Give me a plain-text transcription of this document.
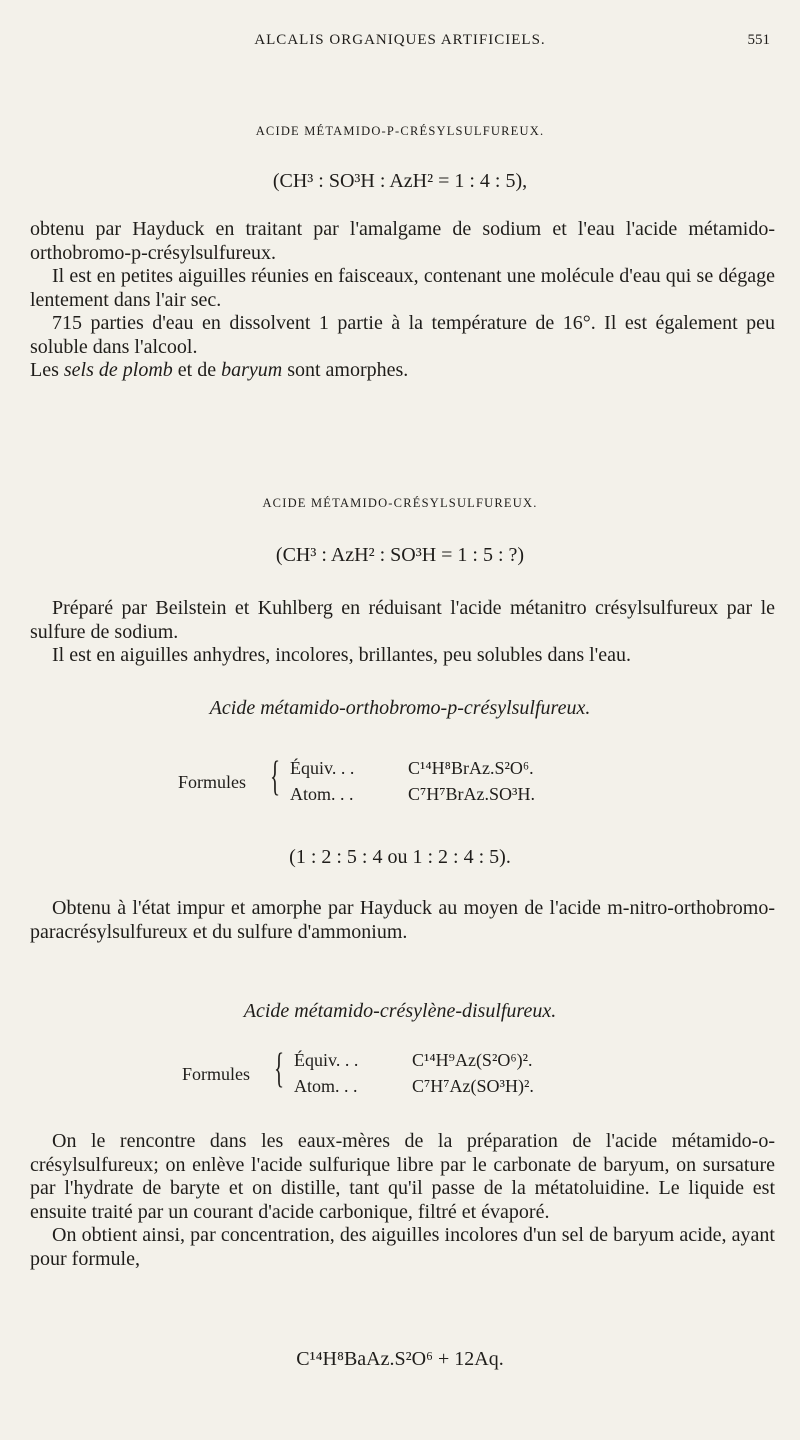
ALCALIS ORGANIQUES ARTIFICIELS.	551
ACIDE MÉTAMIDO-P-CRÉSYLSULFUREUX.
(CH³ : SO³H : AzH² = 1 : 4 : 5),

obtenu par Hayduck en traitant par l'amalgame de sodium et l'eau l'acide métamido-orthobromo-p-crésylsulfureux.

Il est en petites aiguilles réunies en faisceaux, contenant une molécule d'eau qui se dégage lentement dans l'air sec.

715 parties d'eau en dissolvent 1 partie à la température de 16°. Il est également peu soluble dans l'alcool.

Les sels de plomb et de baryum sont amorphes.

ACIDE MÉTAMIDO-CRÉSYLSULFUREUX.
(CH³ : AzH² : SO³H = 1 : 5 : ?)

Préparé par Beilstein et Kuhlberg en réduisant l'acide métanitro crésylsulfureux par le sulfure de sodium.

Il est en aiguilles anhydres, incolores, brillantes, peu solubles dans l'eau.

Acide métamido-orthobromo-p-crésylsulfureux.
Formules { Équiv. . .	C¹⁴H⁸BrAz.S²O⁶.
Atom. . .	C⁷H⁷BrAz.SO³H.
(1 : 2 : 5 : 4 ou 1 : 2 : 4 : 5).

Obtenu à l'état impur et amorphe par Hayduck au moyen de l'acide m-nitro-orthobromo-paracrésylsulfureux et du sulfure d'ammonium.

Acide métamido-crésylène-disulfureux.
Formules { Équiv. . .	C¹⁴H⁹Az(S²O⁶)².
Atom. . .	C⁷H⁷Az(SO³H)².

On le rencontre dans les eaux-mères de la préparation de l'acide métamido-o-crésylsulfureux; on enlève l'acide sulfurique libre par le carbonate de baryum, on sursature par l'hydrate de baryte et on distille, tant qu'il passe de la métatoluidine. Le liquide est ensuite traité par un courant d'acide carbonique, filtré et évaporé.

On obtient ainsi, par concentration, des aiguilles incolores d'un sel de baryum acide, ayant pour formule,

C¹⁴H⁸BaAz.S²O⁶ + 12Aq.
